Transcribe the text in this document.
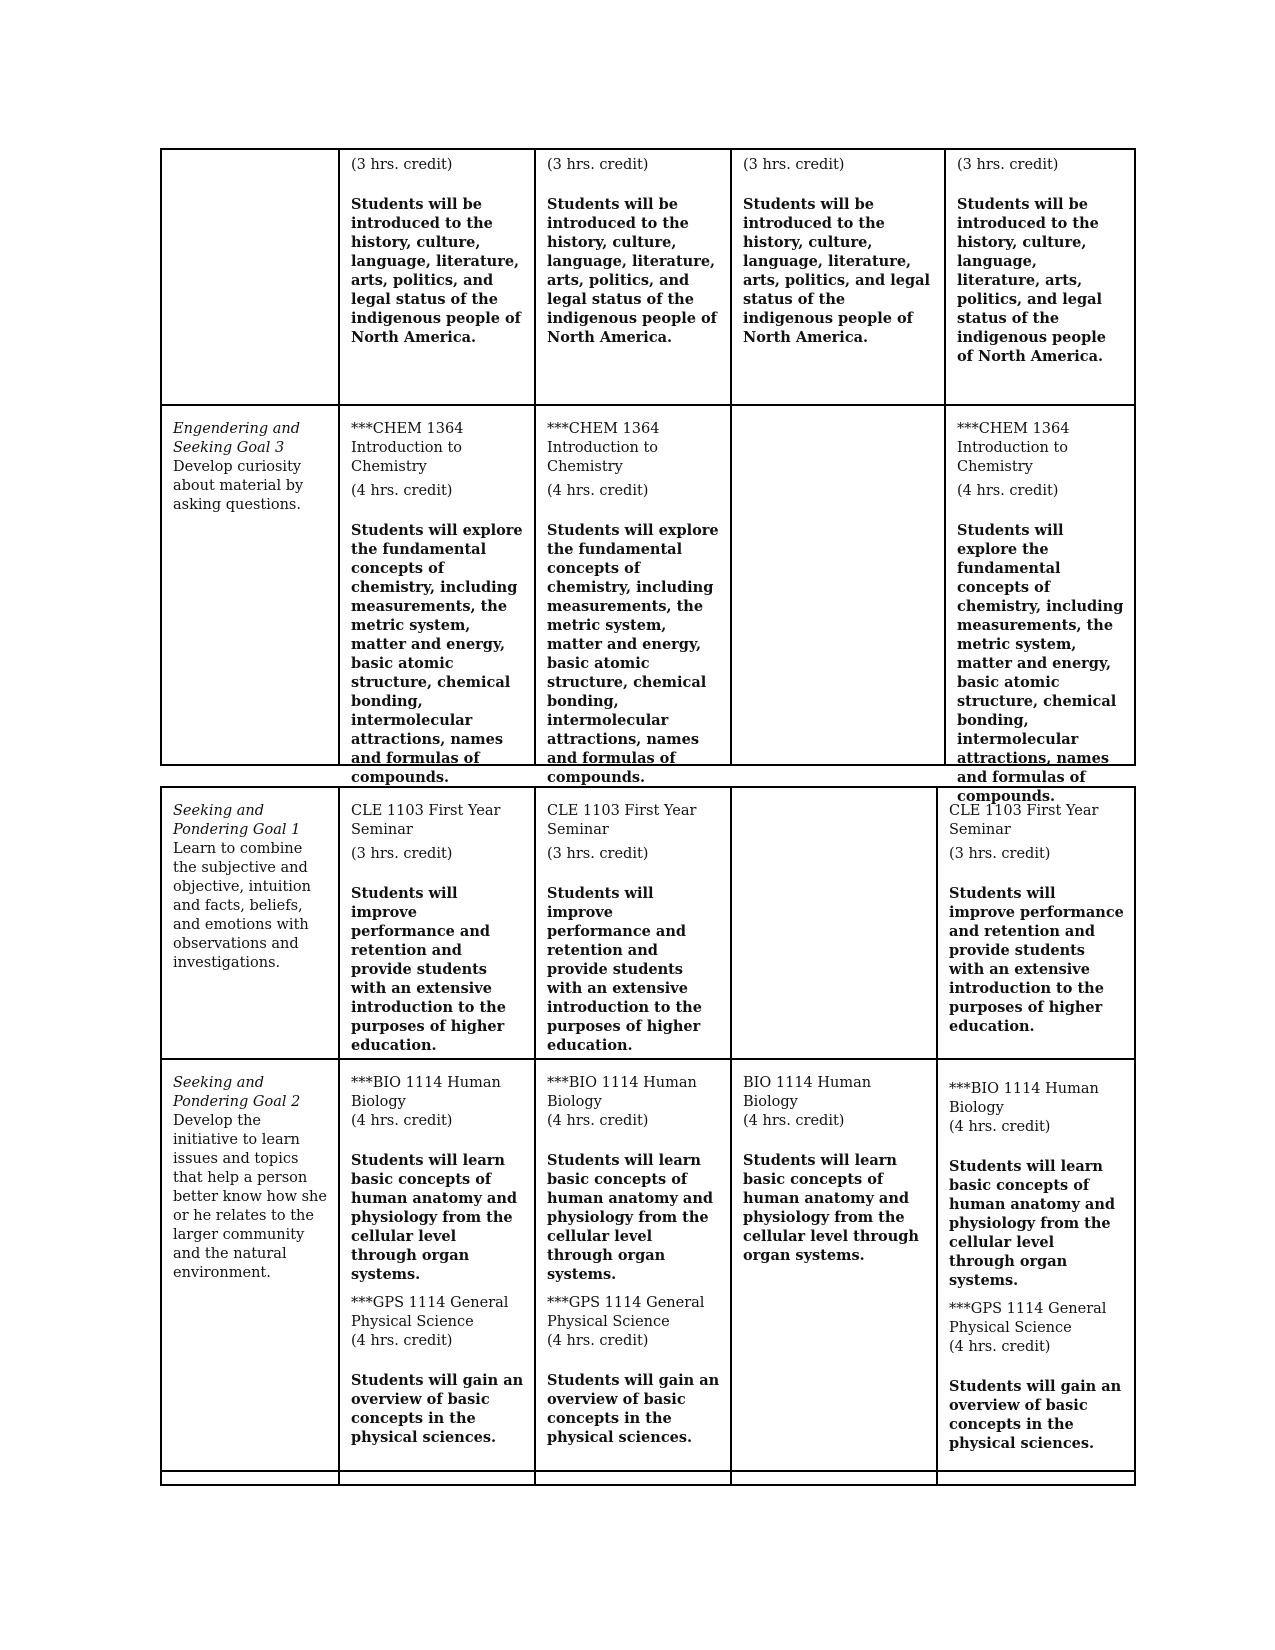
(3 hrs. credit)

Students will be introduced to the history, culture, language, literature, arts, politics, and legal status of the indigenous people of North America.

(3 hrs. credit)

Students will be introduced to the history, culture, language, literature, arts, politics, and legal status of the indigenous people of North America.

(3 hrs. credit)

Students will be introduced to the history, culture, language, literature, arts, politics, and legal status of the indigenous people of North America.

(3 hrs. credit)

Students will be introduced to the history, culture, language, literature, arts, politics, and legal status of the indigenous people of North America.

Engendering and Seeking Goal 3

Develop curiosity about material by asking questions.

***CHEM 1364 Introduction to Chemistry

(4 hrs. credit)

Students will explore the fundamental concepts of chemistry, including measurements, the metric system, matter and energy, basic atomic structure, chemical bonding, intermolecular attractions, names and formulas of compounds.

***CHEM 1364 Introduction to Chemistry

(4 hrs. credit)

Students will explore the fundamental concepts of chemistry, including measurements, the metric system, matter and energy, basic atomic structure, chemical bonding, intermolecular attractions, names and formulas of compounds.

***CHEM 1364 Introduction to Chemistry

(4 hrs. credit)

Students will explore the fundamental concepts of chemistry, including measurements, the metric system, matter and energy, basic atomic structure, chemical bonding, intermolecular attractions, names and formulas of compounds.

Seeking and Pondering Goal 1

Learn to combine the subjective and objective, intuition and facts, beliefs, and emotions with observations and investigations.

CLE 1103 First Year Seminar

(3 hrs. credit)

Students will improve performance and retention and provide students with an extensive introduction to the purposes of higher education.

CLE 1103 First Year Seminar

(3 hrs. credit)

Students will improve performance and retention and provide students with an extensive introduction to the purposes of higher education.

CLE 1103 First Year Seminar

(3 hrs. credit)

Students will improve performance and retention and provide students with an extensive introduction to the purposes of higher education.

Seeking and Pondering Goal 2

Develop the initiative to learn issues and topics that help a person better know how she or he relates to the larger community and the natural environment.

***BIO 1114 Human Biology

(4 hrs. credit)

Students will learn basic concepts of human anatomy and physiology from the cellular level through organ systems.

***GPS 1114 General Physical Science

(4 hrs. credit)

Students will gain an overview of basic concepts in the physical sciences.

***BIO 1114 Human Biology

(4 hrs. credit)

Students will learn basic concepts of human anatomy and physiology from the cellular level through organ systems.

***GPS 1114 General Physical Science

(4 hrs. credit)

Students will gain an overview of basic concepts in the physical sciences.

BIO 1114 Human Biology

(4 hrs. credit)

Students will learn basic concepts of human anatomy and physiology from the cellular level through organ systems.

***BIO 1114 Human Biology

(4 hrs. credit)

Students will learn basic concepts of human anatomy and physiology from the cellular level through organ systems.

***GPS 1114 General Physical Science

(4 hrs. credit)

Students will gain an overview of basic concepts in the physical sciences.
